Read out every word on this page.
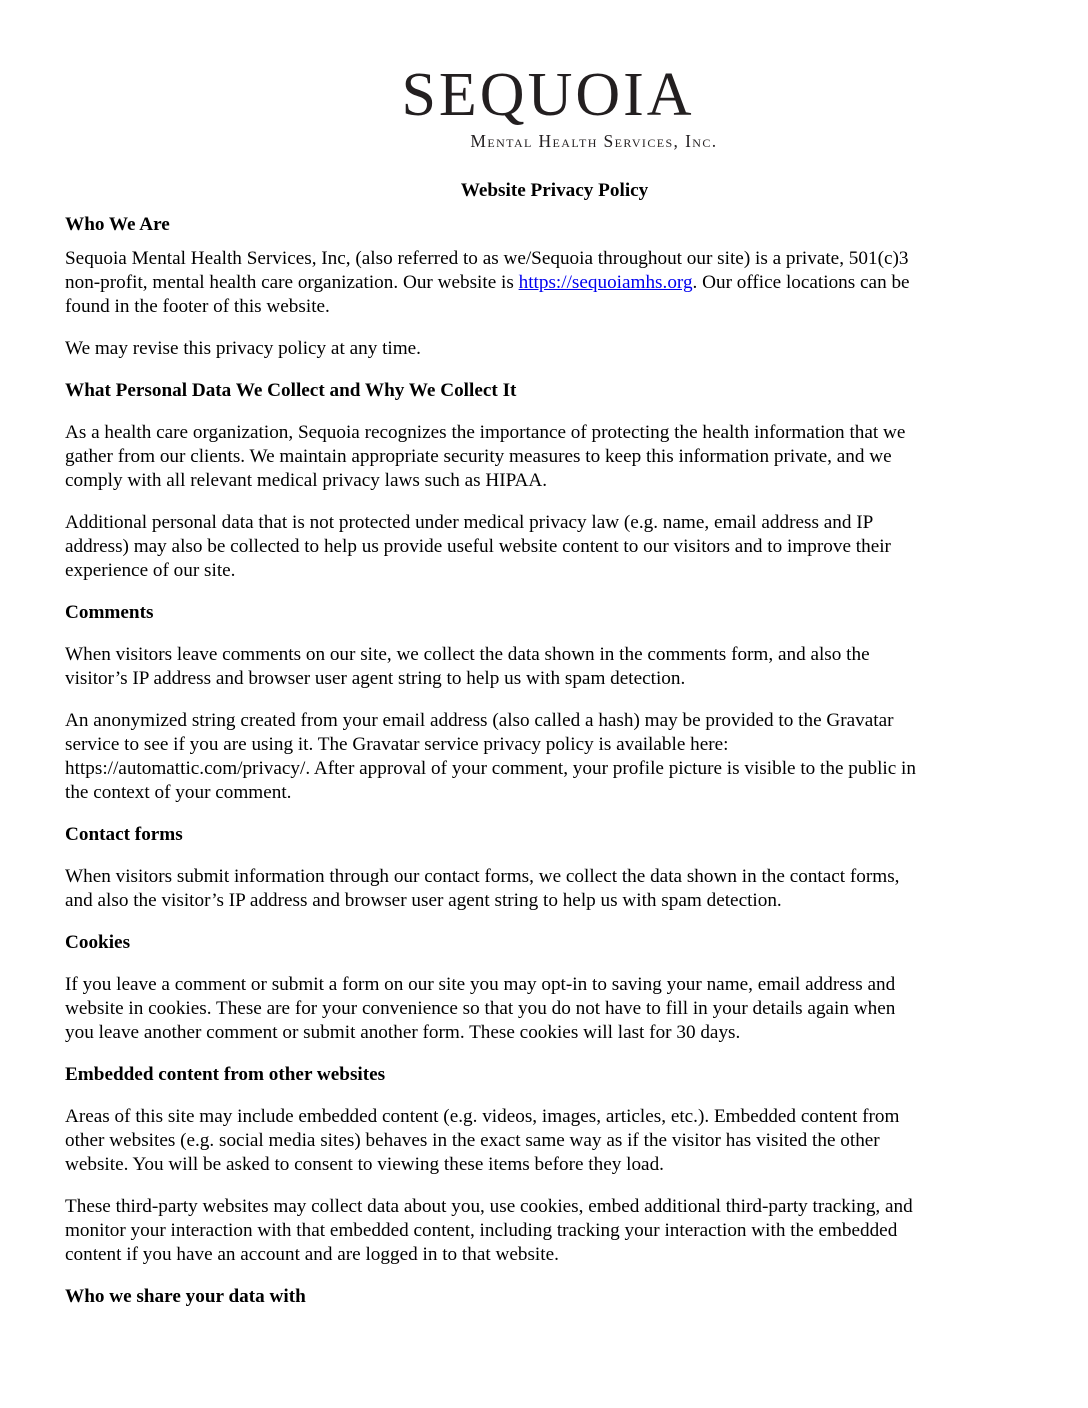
SEQUOIA
Mental Health Services, Inc.

Website Privacy Policy

Who We Are

Sequoia Mental Health Services, Inc, (also referred to as we/Sequoia throughout our site) is a private, 501(c)3
non-profit, mental health care organization. Our website is https://sequoiamhs.org. Our office locations can be
found in the footer of this website.

We may revise this privacy policy at any time.

What Personal Data We Collect and Why We Collect It

As a health care organization, Sequoia recognizes the importance of protecting the health information that we
gather from our clients. We maintain appropriate security measures to keep this information private, and we
comply with all relevant medical privacy laws such as HIPAA.

Additional personal data that is not protected under medical privacy law (e.g. name, email address and IP
address) may also be collected to help us provide useful website content to our visitors and to improve their
experience of our site.

Comments

When visitors leave comments on our site, we collect the data shown in the comments form, and also the
visitor’s IP address and browser user agent string to help us with spam detection.

An anonymized string created from your email address (also called a hash) may be provided to the Gravatar
service to see if you are using it. The Gravatar service privacy policy is available here:
https://automattic.com/privacy/. After approval of your comment, your profile picture is visible to the public in
the context of your comment.

Contact forms

When visitors submit information through our contact forms, we collect the data shown in the contact forms,
and also the visitor’s IP address and browser user agent string to help us with spam detection.

Cookies

If you leave a comment or submit a form on our site you may opt-in to saving your name, email address and
website in cookies. These are for your convenience so that you do not have to fill in your details again when
you leave another comment or submit another form. These cookies will last for 30 days.

Embedded content from other websites

Areas of this site may include embedded content (e.g. videos, images, articles, etc.). Embedded content from
other websites (e.g. social media sites) behaves in the exact same way as if the visitor has visited the other
website. You will be asked to consent to viewing these items before they load.

These third-party websites may collect data about you, use cookies, embed additional third-party tracking, and
monitor your interaction with that embedded content, including tracking your interaction with the embedded
content if you have an account and are logged in to that website.

Who we share your data with
